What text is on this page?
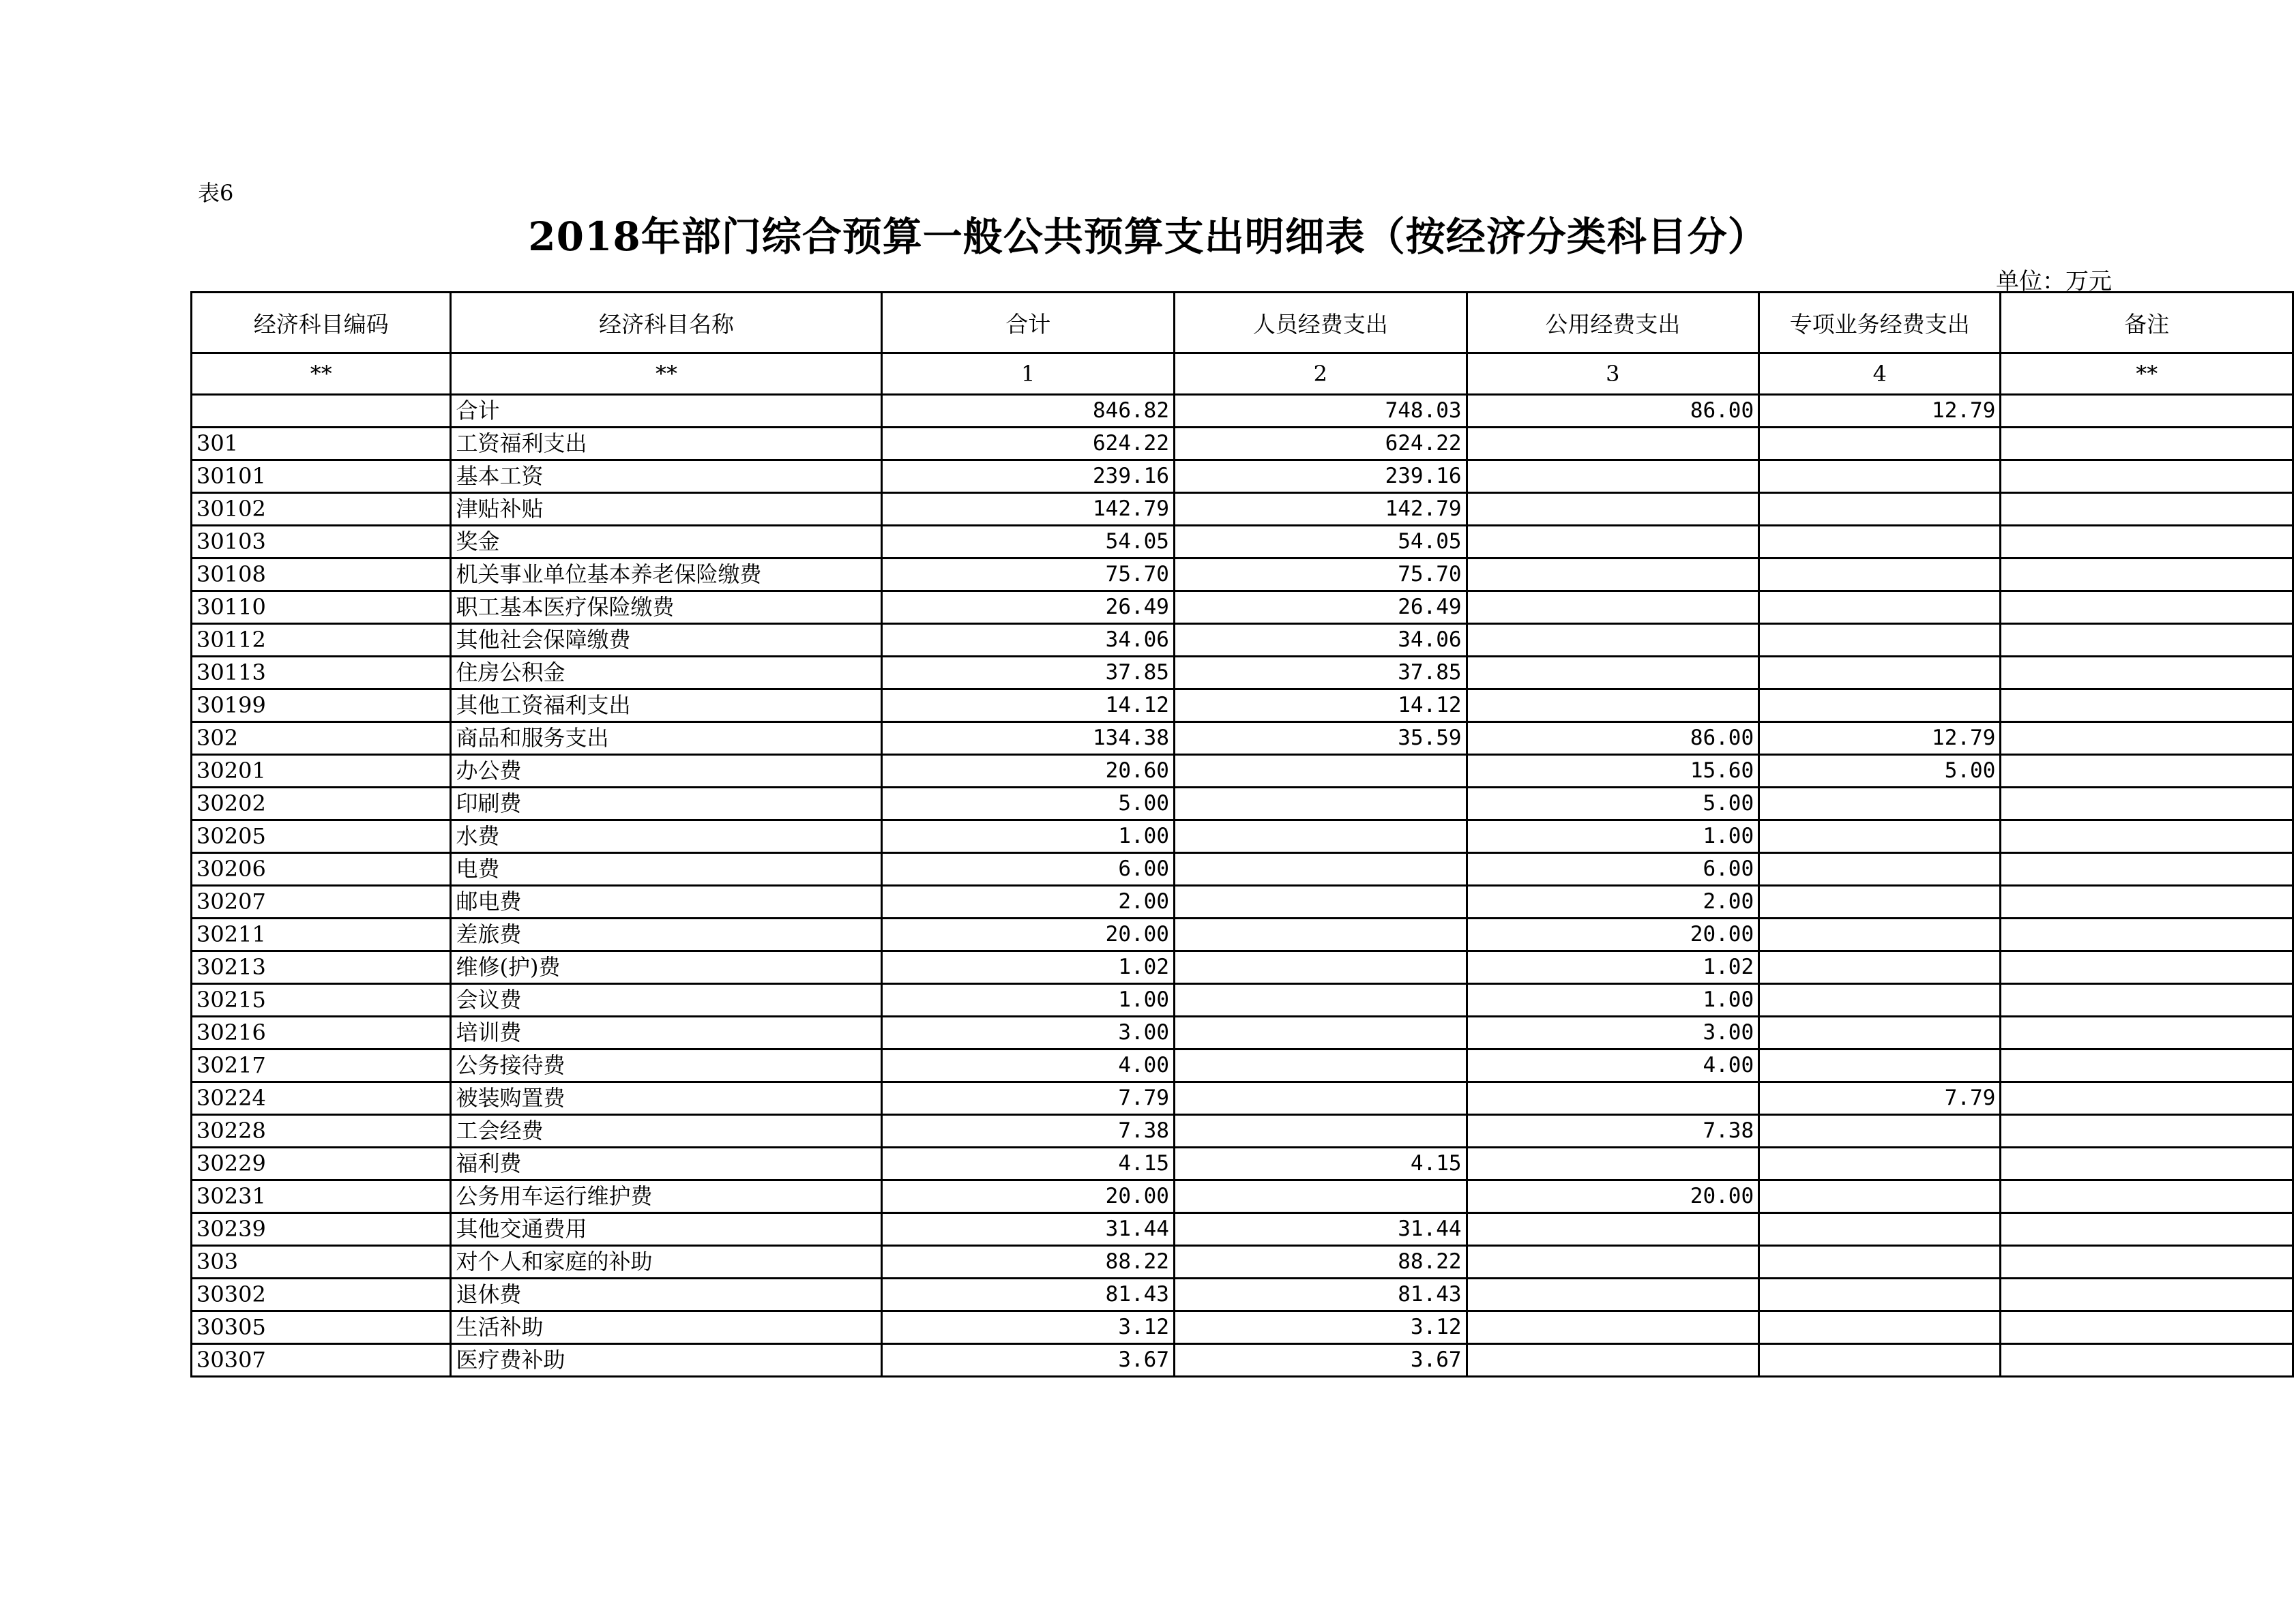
表6
2018年部门综合预算一般公共预算支出明细表（按经济分类科目分）
单位：万元
经济科目编码	经济科目名称	合计	人员经费支出	公用经费支出	专项业务经费支出	备注
**	**	1	2	3	4	**
	合计	846.82	748.03	86.00	12.79	
301	工资福利支出	624.22	624.22			
30101	基本工资	239.16	239.16			
30102	津贴补贴	142.79	142.79			
30103	奖金	54.05	54.05			
30108	机关事业单位基本养老保险缴费	75.70	75.70			
30110	职工基本医疗保险缴费	26.49	26.49			
30112	其他社会保障缴费	34.06	34.06			
30113	住房公积金	37.85	37.85			
30199	其他工资福利支出	14.12	14.12			
302	商品和服务支出	134.38	35.59	86.00	12.79	
30201	办公费	20.60		15.60	5.00	
30202	印刷费	5.00		5.00		
30205	水费	1.00		1.00		
30206	电费	6.00		6.00		
30207	邮电费	2.00		2.00		
30211	差旅费	20.00		20.00		
30213	维修(护)费	1.02		1.02		
30215	会议费	1.00		1.00		
30216	培训费	3.00		3.00		
30217	公务接待费	4.00		4.00		
30224	被装购置费	7.79			7.79	
30228	工会经费	7.38		7.38		
30229	福利费	4.15	4.15			
30231	公务用车运行维护费	20.00		20.00		
30239	其他交通费用	31.44	31.44			
303	对个人和家庭的补助	88.22	88.22			
30302	退休费	81.43	81.43			
30305	生活补助	3.12	3.12			
30307	医疗费补助	3.67	3.67			
